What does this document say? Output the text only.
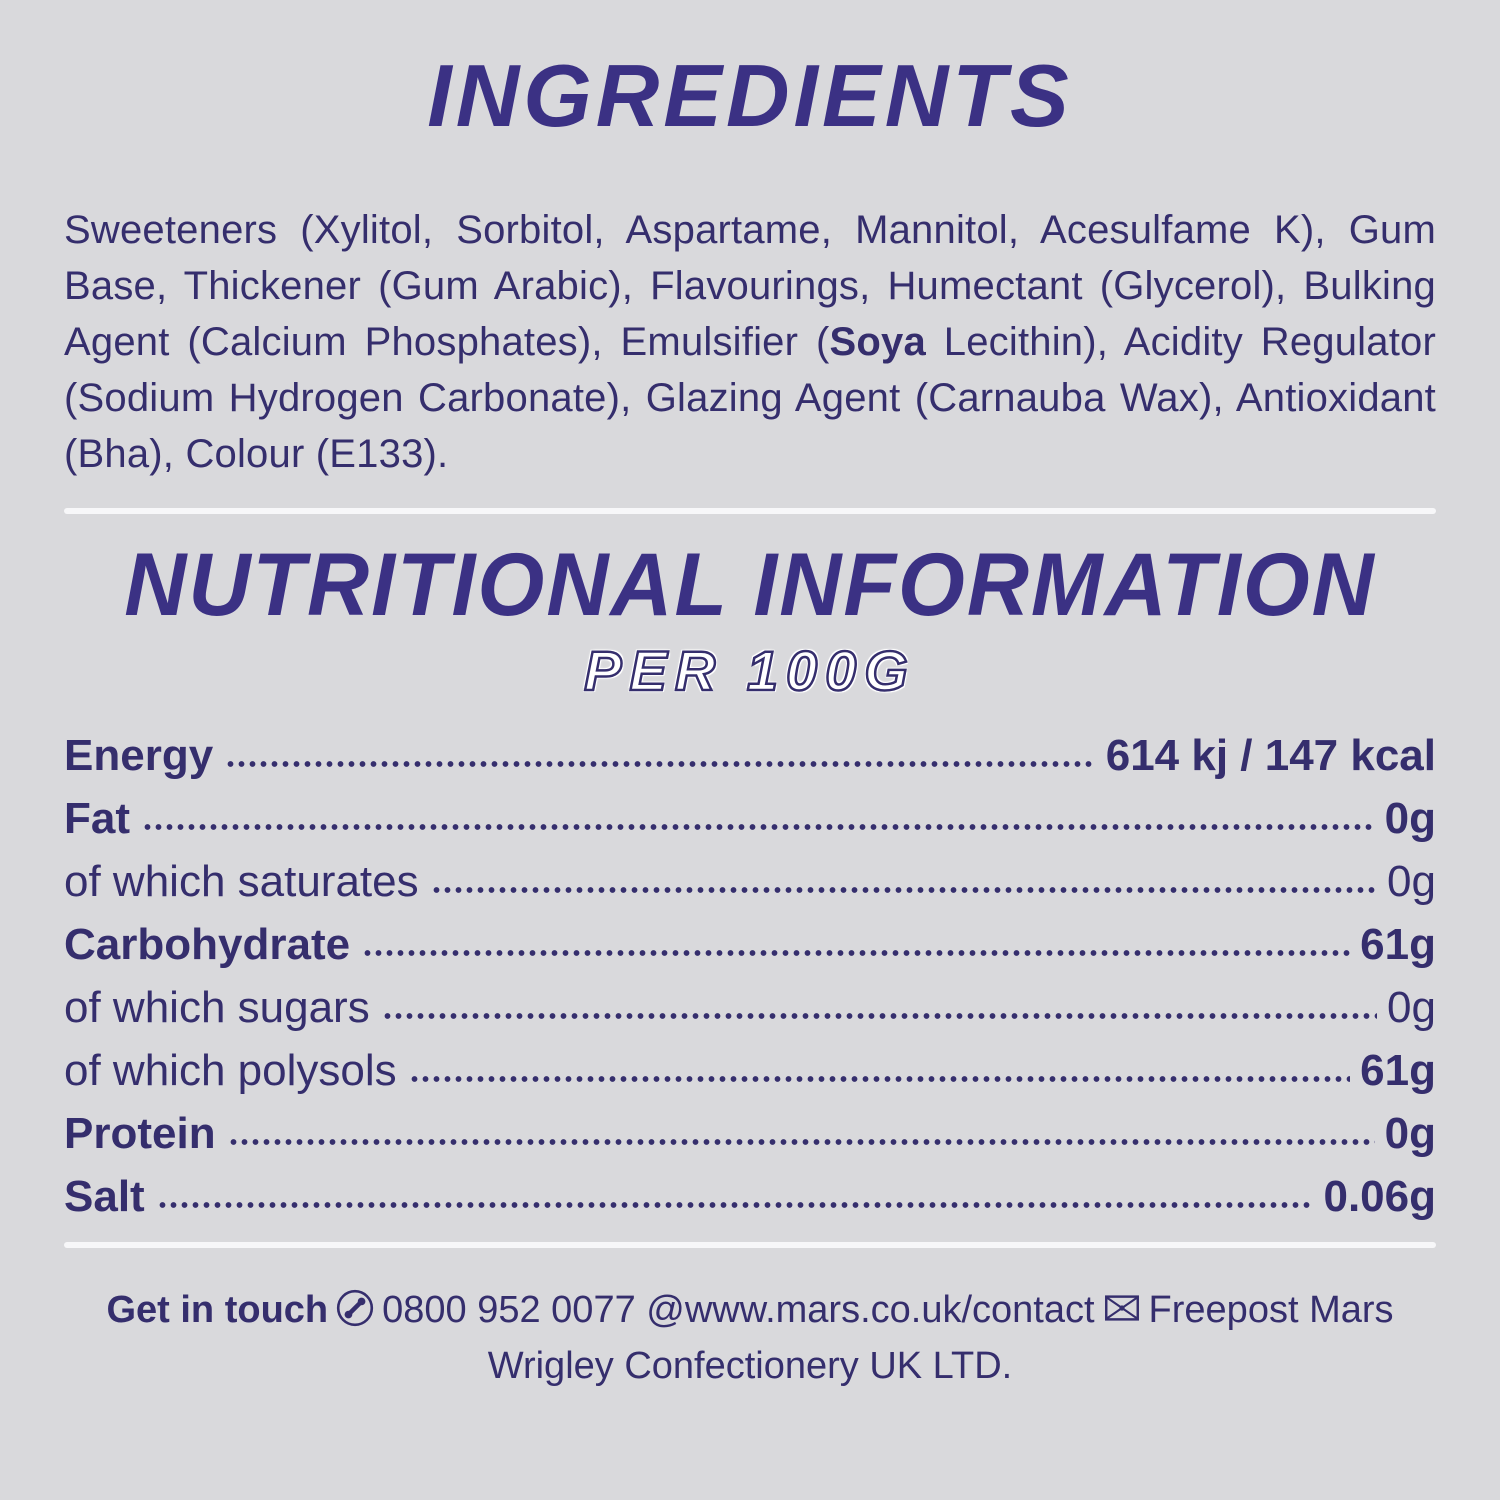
INGREDIENTS

Sweeteners (Xylitol, Sorbitol, Aspartame, Mannitol, Acesulfame K), Gum Base, Thickener (Gum Arabic), Flavourings, Humectant (Glycerol), Bulking Agent (Calcium Phosphates), Emulsifier (Soya Lecithin), Acidity Regulator (Sodium Hydrogen Carbonate), Glazing Agent (Carnauba Wax), Antioxidant (Bha), Colour (E133).

NUTRITIONAL INFORMATION
PER 100G
Energy	614 kj / 147 kcal
Fat	0g
of which saturates	0g
Carbohydrate	61g
of which sugars	0g
of which polysols	61g
Protein	0g
Salt	0.06g

Get in touch 0800 952 0077 @www.mars.co.uk/contact Freepost Mars Wrigley Confectionery UK LTD.
